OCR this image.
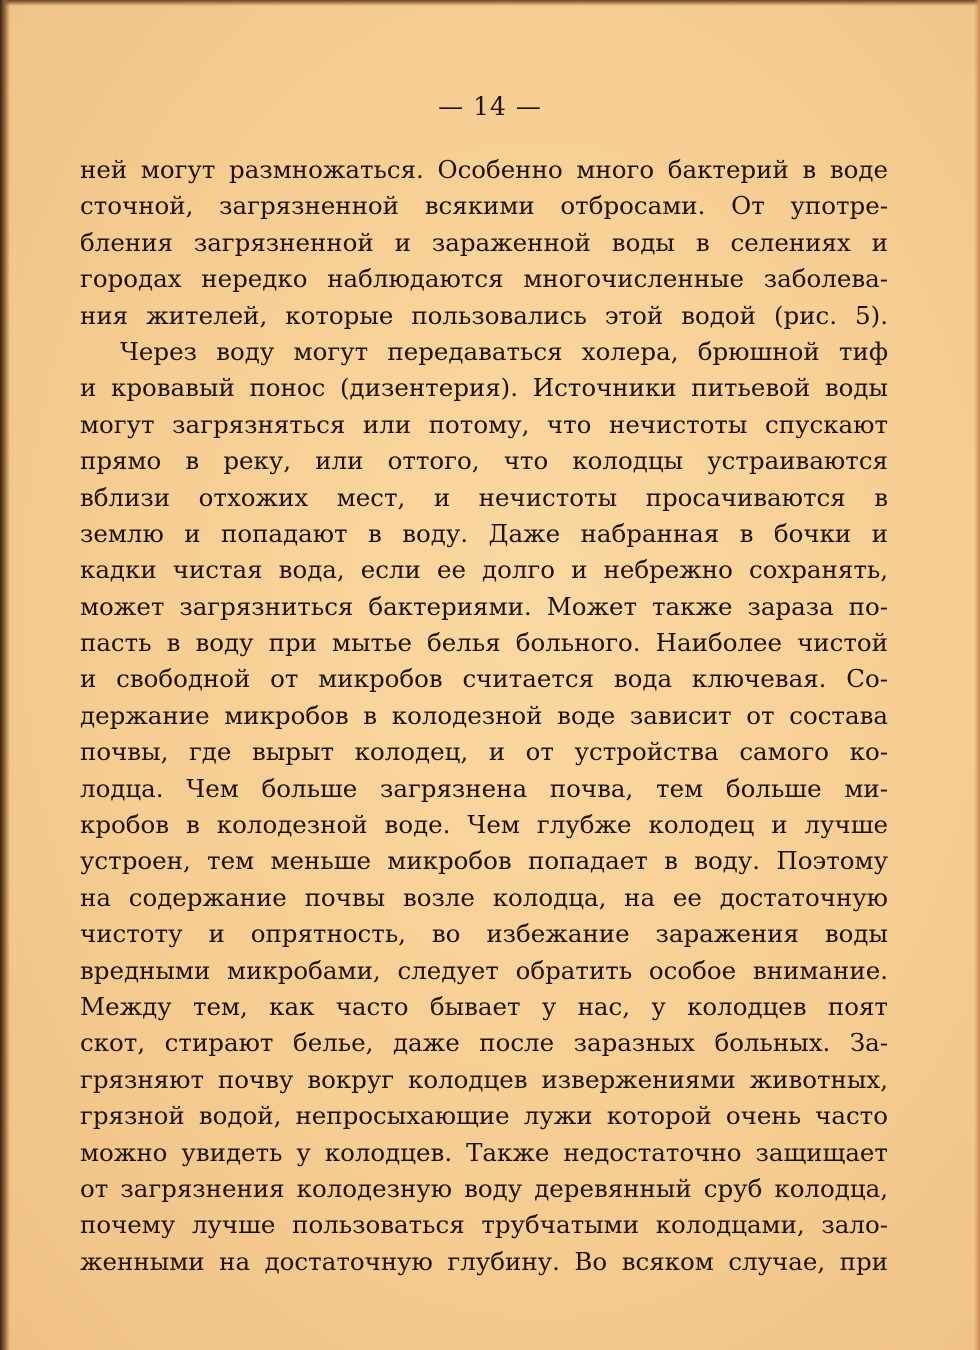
— 14 —
ней могут размножаться. Особенно много бактерий в воде
сточной, загрязненной всякими отбросами. От употре-
бления загрязненной и зараженной воды в селениях и
городах нередко наблюдаются многочисленные заболева-
ния жителей, которые пользовались этой водой (рис. 5).
Через воду могут передаваться холера, брюшной тиф
и кровавый понос (дизентерия). Источники питьевой воды
могут загрязняться или потому, что нечистоты спускают
прямо в реку, или оттого, что колодцы устраиваются
вблизи отхожих мест, и нечистоты просачиваются в
землю и попадают в воду. Даже набранная в бочки и
кадки чистая вода, если ее долго и небрежно сохранять,
может загрязниться бактериями. Может также зараза по-
пасть в воду при мытье белья больного. Наиболее чистой
и свободной от микробов считается вода ключевая. Со-
держание микробов в колодезной воде зависит от состава
почвы, где вырыт колодец, и от устройства самого ко-
лодца. Чем больше загрязнена почва, тем больше ми-
кробов в колодезной воде. Чем глубже колодец и лучше
устроен, тем меньше микробов попадает в воду. Поэтому
на содержание почвы возле колодца, на ее достаточную
чистоту и опрятность, во избежание заражения воды
вредными микробами, следует обратить особое внимание.
Между тем, как часто бывает у нас, у колодцев поят
скот, стирают белье, даже после заразных больных. За-
грязняют почву вокруг колодцев извержениями животных,
грязной водой, непросыхающие лужи которой очень часто
можно увидеть у колодцев. Также недостаточно защищает
от загрязнения колодезную воду деревянный сруб колодца,
почему лучше пользоваться трубчатыми колодцами, зало-
женными на достаточную глубину. Во всяком случае, при
